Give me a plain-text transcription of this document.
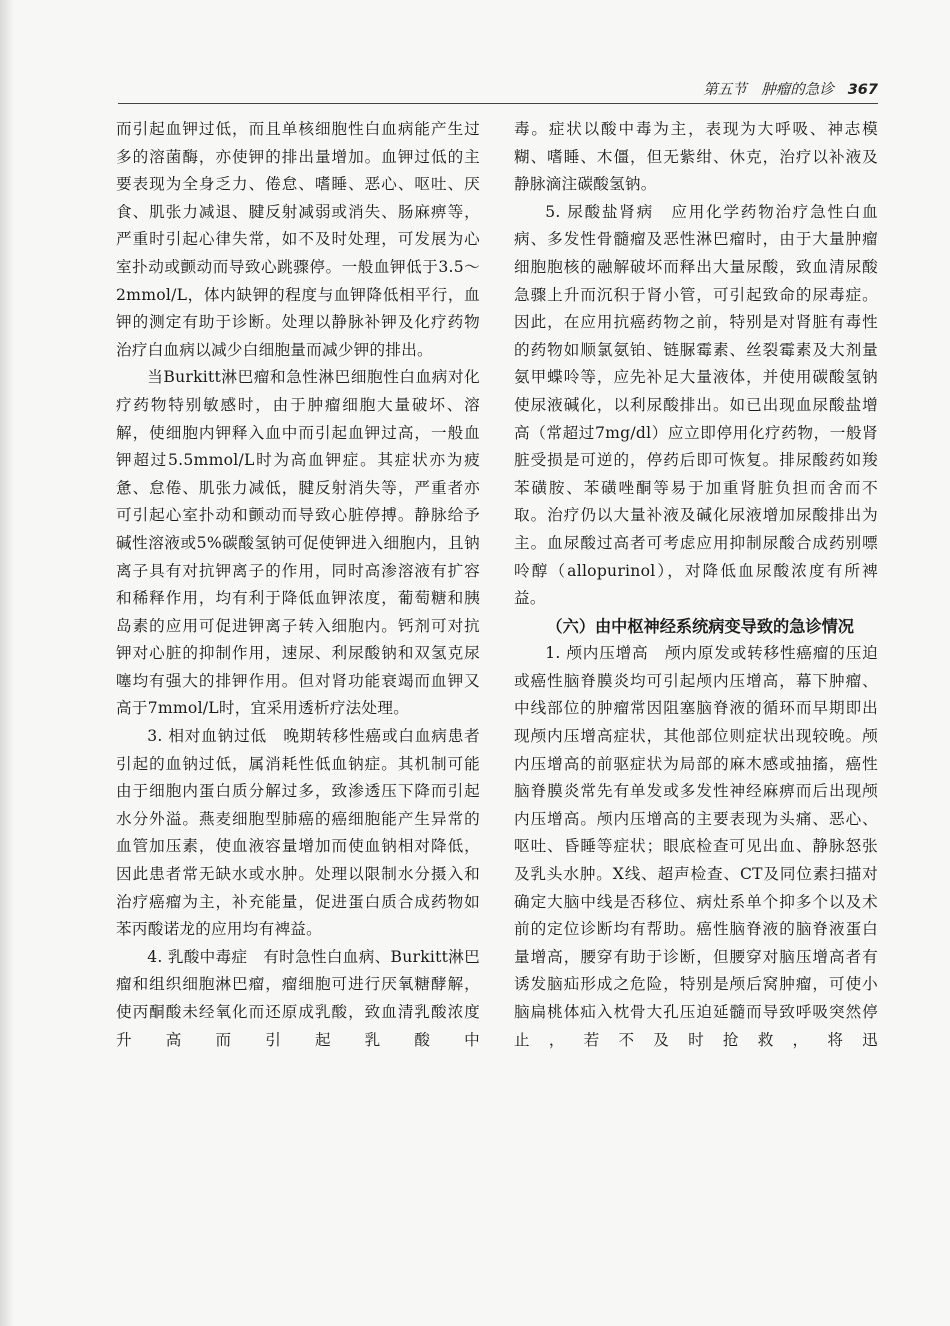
第五节　肿瘤的急诊 367

而引起血钾过低，而且单核细胞性白血病能产生过多的溶菌酶，亦使钾的排出量增加。血钾过低的主要表现为全身乏力、倦怠、嗜睡、恶心、呕吐、厌食、肌张力减退、腱反射减弱或消失、肠麻痹等，严重时引起心律失常，如不及时处理，可发展为心室扑动或颤动而导致心跳骤停。一般血钾低于3.5～2mmol/L，体内缺钾的程度与血钾降低相平行，血钾的测定有助于诊断。处理以静脉补钾及化疗药物治疗白血病以减少白细胞量而减少钾的排出。

当Burkitt淋巴瘤和急性淋巴细胞性白血病对化疗药物特别敏感时，由于肿瘤细胞大量破坏、溶解，使细胞内钾释入血中而引起血钾过高，一般血钾超过5.5mmol/L时为高血钾症。其症状亦为疲惫、怠倦、肌张力减低，腱反射消失等，严重者亦可引起心室扑动和颤动而导致心脏停搏。静脉给予碱性溶液或5%碳酸氢钠可促使钾进入细胞内，且钠离子具有对抗钾离子的作用，同时高渗溶液有扩容和稀释作用，均有利于降低血钾浓度，葡萄糖和胰岛素的应用可促进钾离子转入细胞内。钙剂可对抗钾对心脏的抑制作用，速尿、利尿酸钠和双氢克尿噻均有强大的排钾作用。但对肾功能衰竭而血钾又高于7mmol/L时，宜采用透析疗法处理。

3. 相对血钠过低　晚期转移性癌或白血病患者引起的血钠过低，属消耗性低血钠症。其机制可能由于细胞内蛋白质分解过多，致渗透压下降而引起水分外溢。燕麦细胞型肺癌的癌细胞能产生异常的血管加压素，使血液容量增加而使血钠相对降低，因此患者常无缺水或水肿。处理以限制水分摄入和治疗癌瘤为主，补充能量，促进蛋白质合成药物如苯丙酸诺龙的应用均有裨益。

4. 乳酸中毒症　有时急性白血病、Burkitt淋巴瘤和组织细胞淋巴瘤，瘤细胞可进行厌氧糖酵解，使丙酮酸未经氧化而还原成乳酸，致血清乳酸浓度升高而引起乳酸中

毒。症状以酸中毒为主，表现为大呼吸、神志模糊、嗜睡、木僵，但无紫绀、休克，治疗以补液及静脉滴注碳酸氢钠。

5. 尿酸盐肾病　应用化学药物治疗急性白血病、多发性骨髓瘤及恶性淋巴瘤时，由于大量肿瘤细胞胞核的融解破坏而释出大量尿酸，致血清尿酸急骤上升而沉积于肾小管，可引起致命的尿毒症。因此，在应用抗癌药物之前，特别是对肾脏有毒性的药物如顺氯氨铂、链脲霉素、丝裂霉素及大剂量氨甲蝶呤等，应先补足大量液体，并使用碳酸氢钠使尿液碱化，以利尿酸排出。如已出现血尿酸盐增高（常超过7mg/dl）应立即停用化疗药物，一般肾脏受损是可逆的，停药后即可恢复。排尿酸药如羧苯磺胺、苯磺唑酮等易于加重肾脏负担而舍而不取。治疗仍以大量补液及碱化尿液增加尿酸排出为主。血尿酸过高者可考虑应用抑制尿酸合成药别嘌呤醇（allopurinol），对降低血尿酸浓度有所裨益。

（六）由中枢神经系统病变导致的急诊情况

1. 颅内压增高　颅内原发或转移性癌瘤的压迫或癌性脑脊膜炎均可引起颅内压增高，幕下肿瘤、中线部位的肿瘤常因阻塞脑脊液的循环而早期即出现颅内压增高症状，其他部位则症状出现较晚。颅内压增高的前驱症状为局部的麻木感或抽搐，癌性脑脊膜炎常先有单发或多发性神经麻痹而后出现颅内压增高。颅内压增高的主要表现为头痛、恶心、呕吐、昏睡等症状；眼底检查可见出血、静脉怒张及乳头水肿。X线、超声检查、CT及同位素扫描对确定大脑中线是否移位、病灶系单个抑多个以及术前的定位诊断均有帮助。癌性脑脊液的脑脊液蛋白量增高，腰穿有助于诊断，但腰穿对脑压增高者有诱发脑疝形成之危险，特别是颅后窝肿瘤，可使小脑扁桃体疝入枕骨大孔压迫延髓而导致呼吸突然停止，若不及时抢救，将迅
